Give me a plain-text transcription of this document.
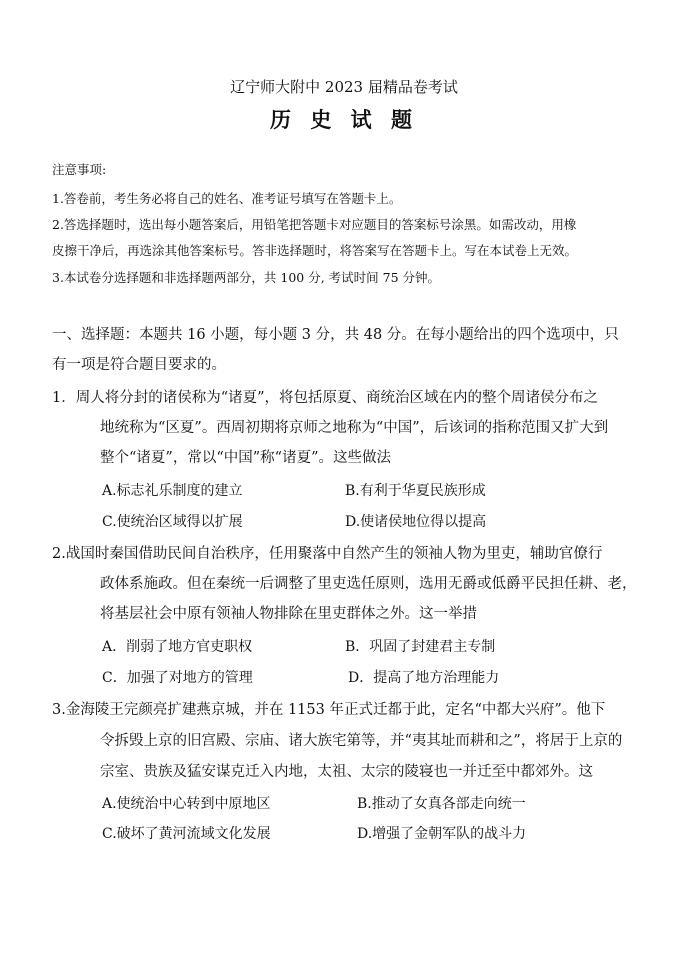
辽宁师大附中 2023 届精品卷考试
历 史 试 题
注意事项:
1.答卷前，考生务必将自己的姓名、准考证号填写在答题卡上。
2.答选择题时，选出每小题答案后，用铅笔把答题卡对应题目的答案标号涂黑。如需改动，用橡
皮擦干净后，再选涂其他答案标号。答非选择题时，将答案写在答题卡上。写在本试卷上无效。
3.本试卷分选择题和非选择题两部分，共 100 分, 考试时间 75 分钟。
一、选择题：本题共 16 小题，每小题 3 分，共 48 分。在每小题给出的四个选项中，只
有一项是符合题目要求的。
1．周人将分封的诸侯称为“诸夏”，将包括原夏、商统治区域在内的整个周诸侯分布之
地统称为“区夏”。西周初期将京师之地称为“中国”，后该词的指称范围又扩大到
整个“诸夏”，常以“中国”称“诸夏”。这些做法
A.标志礼乐制度的建立	B.有利于华夏民族形成
C.使统治区域得以扩展	D.使诸侯地位得以提高
2.战国时秦国借助民间自治秩序，任用聚落中自然产生的领袖人物为里吏，辅助官僚行
政体系施政。但在秦统一后调整了里吏选任原则，选用无爵或低爵平民担任耕、老，
将基层社会中原有领袖人物排除在里吏群体之外。这一举措
A．削弱了地方官吏职权	B．巩固了封建君主专制
C．加强了对地方的管理	D．提高了地方治理能力
3.金海陵王完颜亮扩建燕京城，并在 1153 年正式迁都于此，定名“中都大兴府”。他下
令拆毁上京的旧宫殿、宗庙、诸大族宅第等，并“夷其址而耕和之”，将居于上京的
宗室、贵族及猛安谋克迁入内地，太祖、太宗的陵寝也一并迁至中都郊外。这
A.使统治中心转到中原地区	B.推动了女真各部走向统一
C.破坏了黄河流域文化发展	D.增强了金朝军队的战斗力
